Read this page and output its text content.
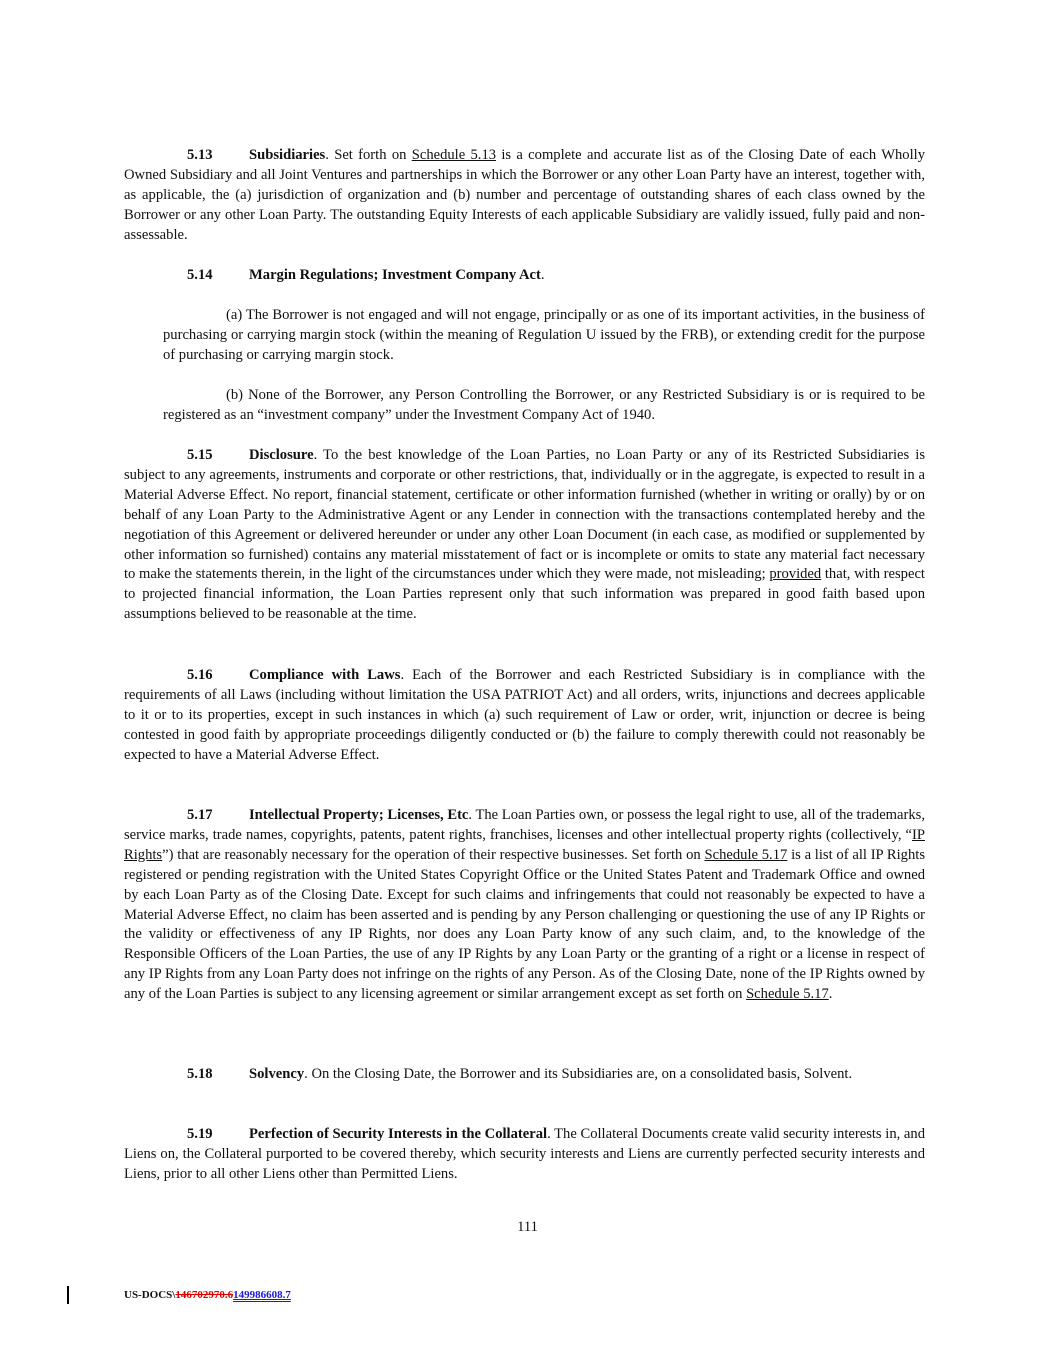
5.13 Subsidiaries. Set forth on Schedule 5.13 is a complete and accurate list as of the Closing Date of each Wholly Owned Subsidiary and all Joint Ventures and partnerships in which the Borrower or any other Loan Party have an interest, together with, as applicable, the (a) jurisdiction of organization and (b) number and percentage of outstanding shares of each class owned by the Borrower or any other Loan Party. The outstanding Equity Interests of each applicable Subsidiary are validly issued, fully paid and non-assessable.

5.14 Margin Regulations; Investment Company Act.

(a) The Borrower is not engaged and will not engage, principally or as one of its important activities, in the business of purchasing or carrying margin stock (within the meaning of Regulation U issued by the FRB), or extending credit for the purpose of purchasing or carrying margin stock.

(b) None of the Borrower, any Person Controlling the Borrower, or any Restricted Subsidiary is or is required to be registered as an “investment company” under the Investment Company Act of 1940.

5.15 Disclosure. To the best knowledge of the Loan Parties, no Loan Party or any of its Restricted Subsidiaries is subject to any agreements, instruments and corporate or other restrictions, that, individually or in the aggregate, is expected to result in a Material Adverse Effect. No report, financial statement, certificate or other information furnished (whether in writing or orally) by or on behalf of any Loan Party to the Administrative Agent or any Lender in connection with the transactions contemplated hereby and the negotiation of this Agreement or delivered hereunder or under any other Loan Document (in each case, as modified or supplemented by other information so furnished) contains any material misstatement of fact or is incomplete or omits to state any material fact necessary to make the statements therein, in the light of the circumstances under which they were made, not misleading; provided that, with respect to projected financial information, the Loan Parties represent only that such information was prepared in good faith based upon assumptions believed to be reasonable at the time.

5.16 Compliance with Laws. Each of the Borrower and each Restricted Subsidiary is in compliance with the requirements of all Laws (including without limitation the USA PATRIOT Act) and all orders, writs, injunctions and decrees applicable to it or to its properties, except in such instances in which (a) such requirement of Law or order, writ, injunction or decree is being contested in good faith by appropriate proceedings diligently conducted or (b) the failure to comply therewith could not reasonably be expected to have a Material Adverse Effect.

5.17 Intellectual Property; Licenses, Etc. The Loan Parties own, or possess the legal right to use, all of the trademarks, service marks, trade names, copyrights, patents, patent rights, franchises, licenses and other intellectual property rights (collectively, “IP Rights”) that are reasonably necessary for the operation of their respective businesses. Set forth on Schedule 5.17 is a list of all IP Rights registered or pending registration with the United States Copyright Office or the United States Patent and Trademark Office and owned by each Loan Party as of the Closing Date. Except for such claims and infringements that could not reasonably be expected to have a Material Adverse Effect, no claim has been asserted and is pending by any Person challenging or questioning the use of any IP Rights or the validity or effectiveness of any IP Rights, nor does any Loan Party know of any such claim, and, to the knowledge of the Responsible Officers of the Loan Parties, the use of any IP Rights by any Loan Party or the granting of a right or a license in respect of any IP Rights from any Loan Party does not infringe on the rights of any Person. As of the Closing Date, none of the IP Rights owned by any of the Loan Parties is subject to any licensing agreement or similar arrangement except as set forth on Schedule 5.17.

5.18 Solvency. On the Closing Date, the Borrower and its Subsidiaries are, on a consolidated basis, Solvent.

5.19 Perfection of Security Interests in the Collateral. The Collateral Documents create valid security interests in, and Liens on, the Collateral purported to be covered thereby, which security interests and Liens are currently perfected security interests and Liens, prior to all other Liens other than Permitted Liens.

111
US-DOCS\146702970.6149986608.7
